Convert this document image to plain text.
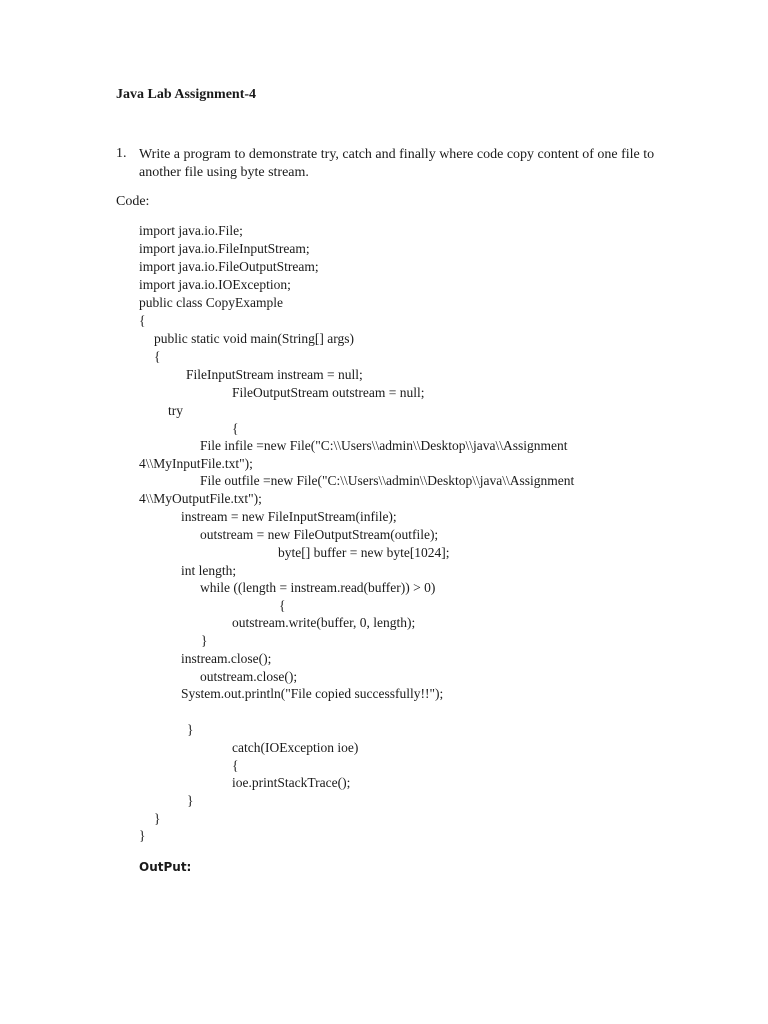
Java Lab Assignment-4
1. Write a program to demonstrate try, catch and finally where code copy content of one file to another file using byte stream.
Code:
import java.io.File;
import java.io.FileInputStream;
import java.io.FileOutputStream;
import java.io.IOException;
public class CopyExample
{
public static void main(String[] args)
{
FileInputStream instream = null;
FileOutputStream outstream = null;
try
{
File infile =new File("C:\\Users\\admin\\Desktop\\java\\Assignment
4\\MyInputFile.txt");
File outfile =new File("C:\\Users\\admin\\Desktop\\java\\Assignment
4\\MyOutputFile.txt");
instream = new FileInputStream(infile);
outstream = new FileOutputStream(outfile);
byte[] buffer = new byte[1024];
int length;
while ((length = instream.read(buffer)) > 0)
{
outstream.write(buffer, 0, length);
}
instream.close();
outstream.close();
System.out.println("File copied successfully!!");
}
catch(IOException ioe)
{
ioe.printStackTrace();
}
}
}
OutPut:
